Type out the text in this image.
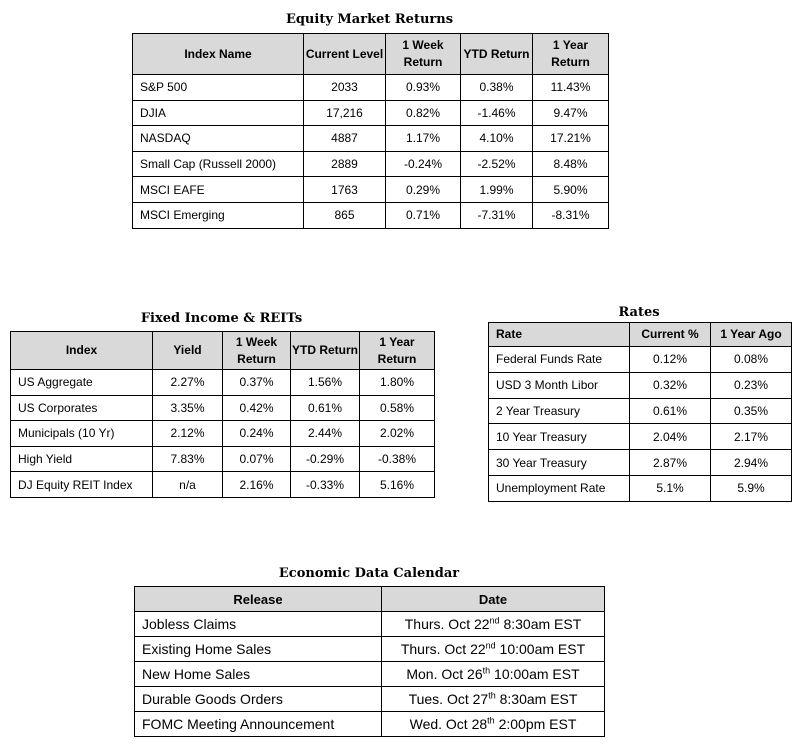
Equity Market Returns
Index Name	Current Level	1 Week Return	YTD Return	1 Year Return
S&P 500	2033	0.93%	0.38%	11.43%
DJIA	17,216	0.82%	-1.46%	9.47%
NASDAQ	4887	1.17%	4.10%	17.21%
Small Cap (Russell 2000)	2889	-0.24%	-2.52%	8.48%
MSCI EAFE	1763	0.29%	1.99%	5.90%
MSCI Emerging	865	0.71%	-7.31%	-8.31%
Fixed Income & REITs
Index	Yield	1 Week Return	YTD Return	1 Year Return
US Aggregate	2.27%	0.37%	1.56%	1.80%
US Corporates	3.35%	0.42%	0.61%	0.58%
Municipals (10 Yr)	2.12%	0.24%	2.44%	2.02%
High Yield	7.83%	0.07%	-0.29%	-0.38%
DJ Equity REIT Index	n/a	2.16%	-0.33%	5.16%
Rates
Rate	Current %	1 Year Ago
Federal Funds Rate	0.12%	0.08%
USD 3 Month Libor	0.32%	0.23%
2 Year Treasury	0.61%	0.35%
10 Year Treasury	2.04%	2.17%
30 Year Treasury	2.87%	2.94%
Unemployment Rate	5.1%	5.9%
Economic Data Calendar
Release	Date
Jobless Claims	Thurs. Oct 22nd 8:30am EST
Existing Home Sales	Thurs. Oct 22nd 10:00am EST
New Home Sales	Mon. Oct 26th 10:00am EST
Durable Goods Orders	Tues. Oct 27th 8:30am EST
FOMC Meeting Announcement	Wed. Oct 28th 2:00pm EST
